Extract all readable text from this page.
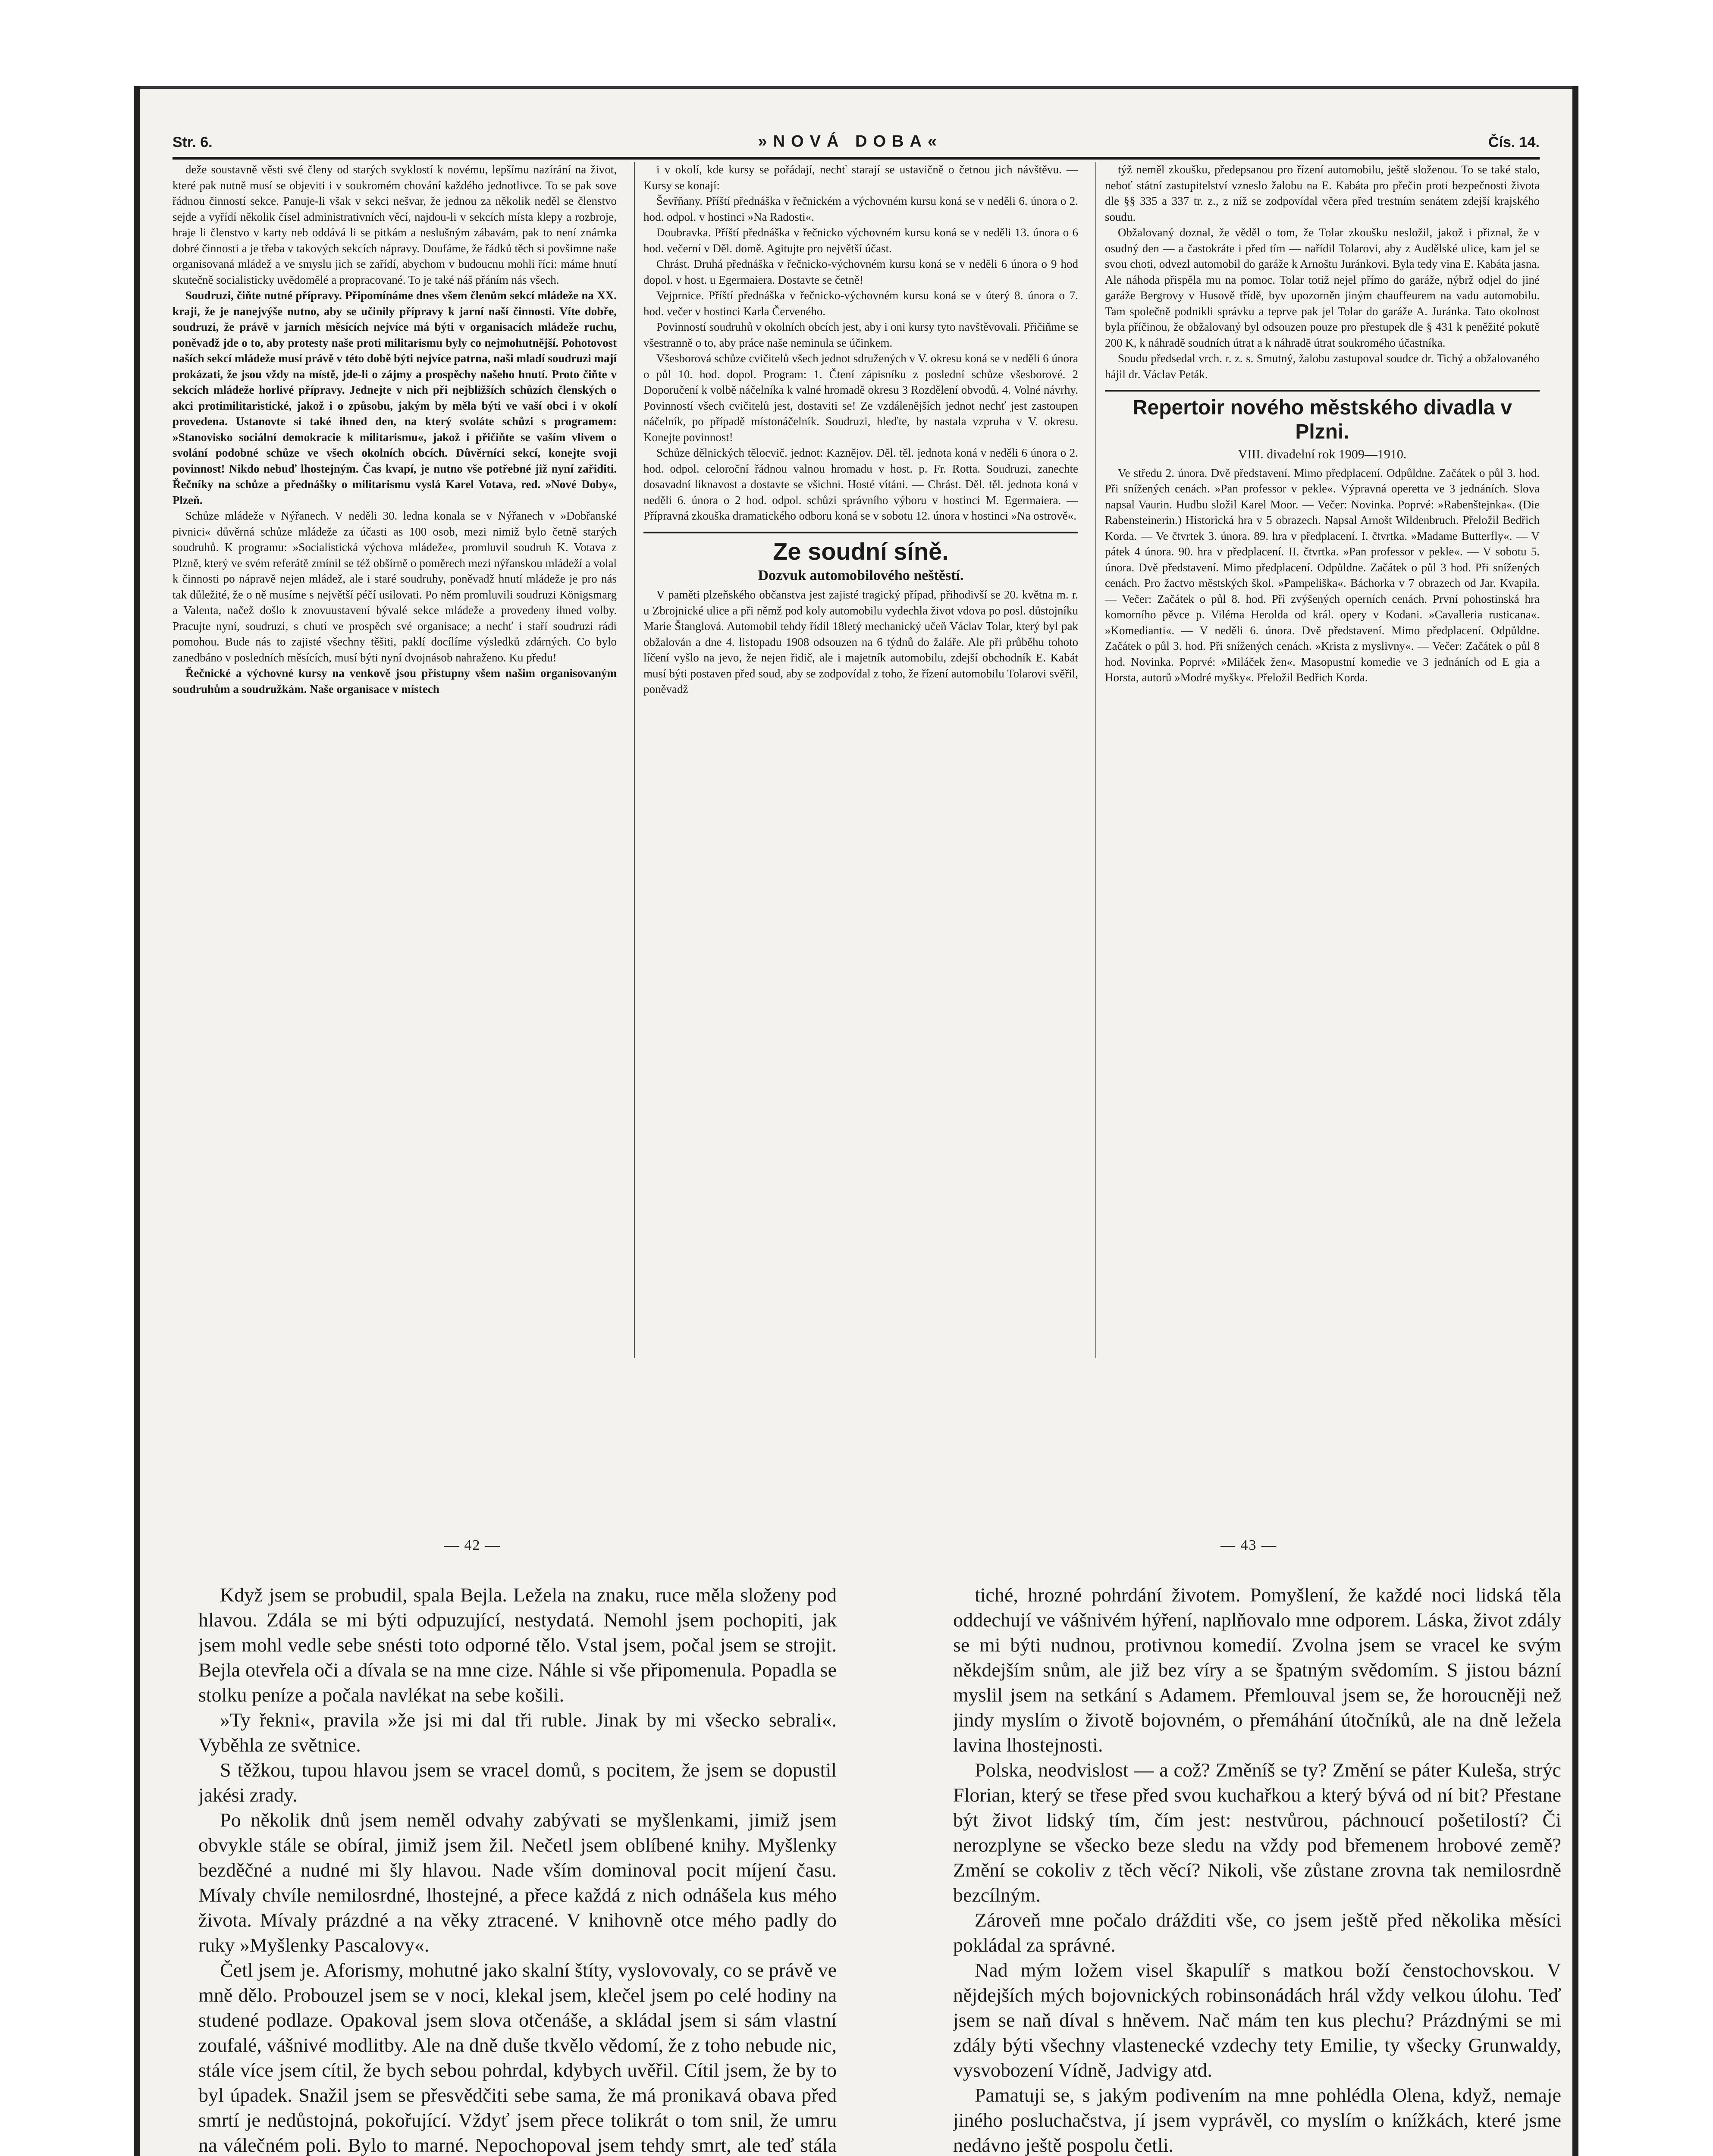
Str. 6.	»NOVÁ DOBA«	Čís. 14.

deže soustavně věsti své členy od starých svyklostí k novému, lepšímu nazírání na život, které pak nutně musí se objeviti i v soukromém chování každého jednotlivce. To se pak sove řádnou činností sekce. Panuje-li však v sekci nešvar, že jednou za několik neděl se členstvo sejde a vyřídí několik čísel administrativních věcí, najdou-li v sekcích místa klepy a rozbroje, hraje li členstvo v karty neb oddává li se pitkám a neslušným zábavám, pak to není známka dobré činnosti a je třeba v takových sekcích nápravy. Doufáme, že řádků těch si povšimne naše organisovaná mládež a ve smyslu jich se zařídí, abychom v budoucnu mohli říci: máme hnutí skutečně socialisticky uvědomělé a propracované. To je také náš přáním nás všech.

Soudruzi, čiňte nutné přípravy. Připomínáme dnes všem členům sekcí mládeže na XX. kraji, že je nanejvýše nutno, aby se učinily přípravy k jarní naší činnosti. Víte dobře, soudruzi, že právě v jarních měsících nejvíce má býti v organisacích mládeže ruchu, poněvadž jde o to, aby protesty naše proti militarismu byly co nejmohutnější. Pohotovost naších sekcí mládeže musí právě v této době býti nejvíce patrna, naši mladí soudruzi mají prokázati, že jsou vždy na místě, jde-li o zájmy a prospěchy našeho hnutí. Proto čiňte v sekcích mládeže horlivé přípravy. Jednejte v nich při nejbližších schůzích členských o akci protimilitaristické, jakož i o způsobu, jakým by měla býti ve vaší obci i v okolí provedena. Ustanovte si také ihned den, na který svoláte schůzi s programem: »Stanovisko sociální demokracie k militarismu«, jakož i přičiňte se vaším vlivem o svolání podobné schůze ve všech okolních obcích. Důvěrníci sekcí, konejte svoji povinnost! Nikdo nebuď lhostejným. Čas kvapí, je nutno vše potřebné již nyní zařiditi. Řečníky na schůze a přednášky o militarismu vyslá Karel Votava, red. »Nové Doby«, Plzeň.

Schůze mládeže v Nýřanech. V neděli 30. ledna konala se v Nýřanech v »Dobřanské pivnici« důvěrná schůze mládeže za účasti as 100 osob, mezi nimiž bylo četně starých soudruhů. K programu: »Socialistická výchova mládeže«, promluvil soudruh K. Votava z Plzně, který ve svém referátě zmínil se též obšírně o poměrech mezi nýřanskou mládeží a volal k činnosti po nápravě nejen mládež, ale i staré soudruhy, poněvadž hnutí mládeže je pro nás tak důležité, že o ně musíme s největší péčí usilovati. Po něm promluvili soudruzi Königsmarg a Valenta, načež došlo k znovuustavení bývalé sekce mládeže a provedeny ihned volby. Pracujte nyní, soudruzi, s chutí ve prospěch své organisace; a nechť i staří soudruzi rádi pomohou. Bude nás to zajisté všechny těšiti, paklí docílíme výsledků zdárných. Co bylo zanedbáno v posledních měsících, musí býti nyní dvojnásob nahraženo. Ku předu!

Řečnické a výchovné kursy na venkově jsou přístupny všem našim organisovaným soudruhům a soudružkám. Naše organisace v místech

i v okolí, kde kursy se pořádají, nechť starají se ustavičně o četnou jich návštěvu. — Kursy se konají:

Ševřňany. Příští přednáška v řečnickém a výchovném kursu koná se v neděli 6. února o 2. hod. odpol. v hostinci »Na Radosti«.

Doubravka. Příští přednáška v řečnicko výchovném kursu koná se v neděli 13. února o 6 hod. večerní v Děl. domě. Agitujte pro největší účast.

Chrást. Druhá přednáška v řečnicko-výchovném kursu koná se v neděli 6 února o 9 hod dopol. v host. u Egermaiera. Dostavte se četně!

Vejprnice. Příští přednáška v řečnicko-výchovném kursu koná se v úterý 8. února o 7. hod. večer v hostinci Karla Červeného.

Povinností soudruhů v okolních obcích jest, aby i oni kursy tyto navštěvovali. Přičiňme se všestranně o to, aby práce naše neminula se účinkem.

Všesborová schůze cvičitelů všech jednot sdružených v V. okresu koná se v neděli 6 února o půl 10. hod. dopol. Program: 1. Čtení zápisníku z poslední schůze všesborové. 2 Doporučení k volbě náčelníka k valné hromadě okresu 3 Rozdělení obvodů. 4. Volné návrhy. Povinností všech cvičitelů jest, dostaviti se! Ze vzdálenějších jednot nechť jest zastoupen náčelník, po případě místonáčelník. Soudruzi, hleďte, by nastala vzpruha v V. okresu. Konejte povinnost!

Schůze dělnických tělocvič. jednot: Kaznějov. Děl. těl. jednota koná v neděli 6 února o 2. hod. odpol. celoroční řádnou valnou hromadu v host. p. Fr. Rotta. Soudruzi, zanechte dosavadní liknavost a dostavte se všichni. Hosté vítáni. — Chrást. Děl. těl. jednota koná v neděli 6. února o 2 hod. odpol. schůzi správního výboru v hostinci M. Egermaiera. — Přípravná zkouška dramatického odboru koná se v sobotu 12. února v hostinci »Na ostrově«.

Ze soudní síně.
Dozvuk automobilového neštěstí.

V paměti plzeňského občanstva jest zajisté tragický případ, přihodivší se 20. května m. r. u Zbrojnické ulice a při němž pod koly automobilu vydechla život vdova po posl. důstojníku Marie Štanglová. Automobil tehdy řídil 18letý mechanický učeň Václav Tolar, který byl pak obžalován a dne 4. listopadu 1908 odsouzen na 6 týdnů do žaláře. Ale při průběhu tohoto líčení vyšlo na jevo, že nejen řidič, ale i majetník automobilu, zdejší obchodník E. Kabát musí býti postaven před soud, aby se zodpovídal z toho, že řízení automobilu Tolarovi svěřil, poněvadž

týž neměl zkoušku, předepsanou pro řízení automobilu, ještě složenou. To se také stalo, neboť státní zastupitelství vzneslo žalobu na E. Kabáta pro přečin proti bezpečnosti života dle §§ 335 a 337 tr. z., z níž se zodpovídal včera před trestním senátem zdejší krajského soudu.

Obžalovaný doznal, že věděl o tom, že Tolar zkoušku nesložil, jakož i přiznal, že v osudný den — a častokráte i před tím — nařídil Tolarovi, aby z Audělské ulice, kam jel se svou choti, odvezl automobil do garáže k Arnoštu Juránkovi. Byla tedy vina E. Kabáta jasna. Ale náhoda přispěla mu na pomoc. Tolar totiž nejel přímo do garáže, nýbrž odjel do jiné garáže Bergrovy v Husově třídě, byv upozorněn jiným chauffeurem na vadu automobilu. Tam společně podnikli správku a teprve pak jel Tolar do garáže A. Juránka. Tato okolnost byla příčinou, že obžalovaný byl odsouzen pouze pro přestupek dle § 431 k peněžité pokutě 200 K, k náhradě soudních útrat a k náhradě útrat soukromého účastníka.

Soudu předsedal vrch. r. z. s. Smutný, žalobu zastupoval soudce dr. Tichý a obžalovaného hájil dr. Václav Peták.

Repertoir nového městského divadla v Plzni.
VIII. divadelní rok 1909—1910.

Ve středu 2. února. Dvě představení. Mimo předplacení. Odpůldne. Začátek o půl 3. hod. Při snížených cenách. »Pan professor v pekle«. Výpravná operetta ve 3 jednáních. Slova napsal Vaurin. Hudbu složil Karel Moor. — Večer: Novinka. Poprvé: »Rabenštejnka«. (Die Rabensteinerin.) Historická hra v 5 obrazech. Napsal Arnošt Wildenbruch. Přeložil Bedřich Korda. — Ve čtvrtek 3. února. 89. hra v předplacení. I. čtvrtka. »Madame Butterfly«. — V pátek 4 února. 90. hra v předplacení. II. čtvrtka. »Pan professor v pekle«. — V sobotu 5. února. Dvě představení. Mimo předplacení. Odpůldne. Začátek o půl 3 hod. Při snížených cenách. Pro žactvo městských škol. »Pampeliška«. Báchorka v 7 obrazech od Jar. Kvapila. — Večer: Začátek o půl 8. hod. Při zvýšených operních cenách. První pohostinská hra komorního pěvce p. Viléma Herolda od král. opery v Kodani. »Cavalleria rusticana«. »Komedianti«. — V neděli 6. února. Dvě představení. Mimo předplacení. Odpůldne. Začátek o půl 3. hod. Při snížených cenách. »Krista z myslivny«. — Večer: Začátek o půl 8 hod. Novinka. Poprvé: »Miláček žen«. Masopustní komedie ve 3 jednáních od E gia a Horsta, autorů »Modré myšky«. Přeložil Bedřich Korda.

— 42 —	— 43 —

Když jsem se probudil, spala Bejla. Ležela na znaku, ruce měla složeny pod hlavou. Zdála se mi býti odpuzující, nestydatá. Nemohl jsem pochopiti, jak jsem mohl vedle sebe snésti toto odporné tělo. Vstal jsem, počal jsem se strojit. Bejla otevřela oči a dívala se na mne cize. Náhle si vše připomenula. Popadla se stolku peníze a počala navlékat na sebe košili.

»Ty řekni«, pravila »že jsi mi dal tři ruble. Jinak by mi všecko sebrali«. Vyběhla ze světnice.

S těžkou, tupou hlavou jsem se vracel domů, s pocitem, že jsem se dopustil jakési zrady.

Po několik dnů jsem neměl odvahy zabývati se myšlenkami, jimiž jsem obvykle stále se obíral, jimiž jsem žil. Nečetl jsem oblíbené knihy. Myšlenky bezděčné a nudné mi šly hlavou. Nade vším dominoval pocit míjení času. Mívaly chvíle nemilosrdné, lhostejné, a přece každá z nich odnášela kus mého života. Mívaly prázdné a na věky ztracené. V knihovně otce mého padly do ruky »Myšlenky Pascalovy«.

Četl jsem je. Aforismy, mohutné jako skalní štíty, vyslovovaly, co se právě ve mně dělo. Probouzel jsem se v noci, klekal jsem, klečel jsem po celé hodiny na studené podlaze. Opakoval jsem slova otčenáše, a skládal jsem si sám vlastní zoufalé, vášnivé modlitby. Ale na dně duše tkvělo vědomí, že z toho nebude nic, stále více jsem cítil, že bych sebou pohrdal, kdybych uvěřil. Cítil jsem, že by to byl úpadek. Snažil jsem se přesvědčiti sebe sama, že má pronikavá obava před smrtí je nedůstojná, pokořující. Vždyť jsem přece tolikrát o tom snil, že umru na válečném poli. Bylo to marné. Nepochopoval jsem tehdy smrt, ale teď stála

tiché, hrozné pohrdání životem. Pomyšlení, že každé noci lidská těla oddechují ve vášnivém hýření, naplňovalo mne odporem. Láska, život zdály se mi býti nudnou, protivnou komedií. Zvolna jsem se vracel ke svým někdejším snům, ale již bez víry a se špatným svědomím. S jistou bázní myslil jsem na setkání s Adamem. Přemlouval jsem se, že horoucněji než jindy myslím o životě bojovném, o přemáhání útočníků, ale na dně ležela lavina lhostejnosti.

Polska, neodvislost — a což? Změníš se ty? Změní se páter Kuleša, strýc Florian, který se třese před svou kuchařkou a který bývá od ní bit? Přestane být život lidský tím, čím jest: nestvůrou, páchnoucí pošetilostí? Či nerozplyne se všecko beze sledu na vždy pod břemenem hrobové země? Změní se cokoliv z těch věcí? Nikoli, vše zůstane zrovna tak nemilosrdně bezcílným.

Zároveň mne počalo drážditi vše, co jsem ještě před několika měsíci pokládal za správné.

Nad mým ložem visel škapulíř s matkou boží čenstochovskou. V nějdejších mých bojovnických robinsonádách hrál vždy velkou úlohu. Teď jsem se naň díval s hněvem. Nač mám ten kus plechu? Prázdnými se mi zdály býti všechny vlastenecké vzdechy tety Emilie, ty všecky Grunwaldy, vysvobození Vídně, Jadvigy atd.

Pamatuji se, s jakým podivením na mne pohlédla Olena, když, nemaje jiného posluchačstva, jí jsem vyprávěl, co myslím o knížkách, které jsme nedávno ještě pospolu četli.
